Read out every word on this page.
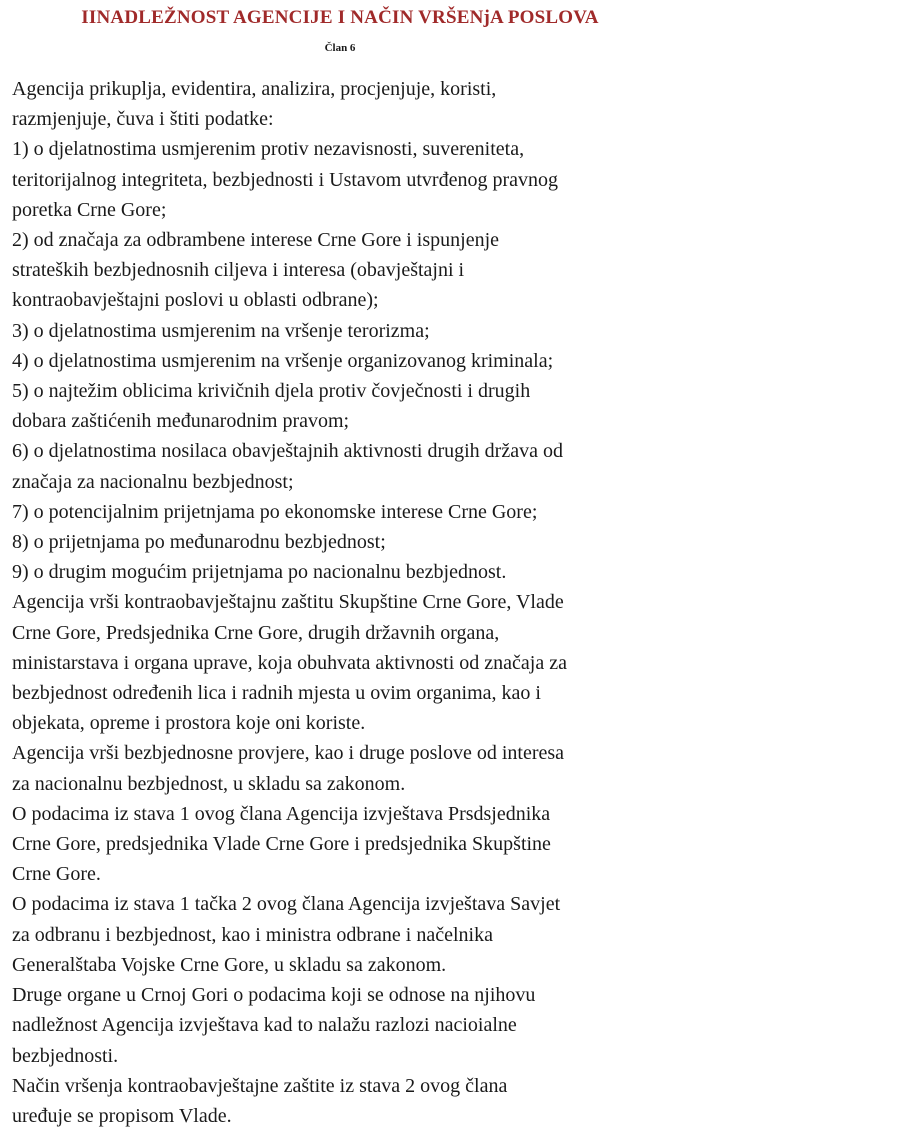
IINADLEŽNOST AGENCIJE I NAČIN VRŠENjA POSLOVA
Član 6
Agencija prikuplja, evidentira, analizira, procjenjuje, koristi,
razmjenjuje, čuva i štiti podatke:
1) o djelatnostima usmjerenim protiv nezavisnosti, suvereniteta,
teritorijalnog integriteta, bezbjednosti i Ustavom utvrđenog pravnog
poretka Crne Gore;
2) od značaja za odbrambene interese Crne Gore i ispunjenje
strateških bezbjednosnih ciljeva i interesa (obavještajni i
kontraobavještajni poslovi u oblasti odbrane);
3) o djelatnostima usmjerenim na vršenje terorizma;
4) o djelatnostima usmjerenim na vršenje organizovanog kriminala;
5) o najtežim oblicima krivičnih djela protiv čovječnosti i drugih
dobara zaštićenih međunarodnim pravom;
6) o djelatnostima nosilaca obavještajnih aktivnosti drugih država od
značaja za nacionalnu bezbjednost;
7) o potencijalnim prijetnjama po ekonomske interese Crne Gore;
8) o prijetnjama po međunarodnu bezbjednost;
9) o drugim mogućim prijetnjama po nacionalnu bezbjednost.
Agencija vrši kontraobavještajnu zaštitu Skupštine Crne Gore, Vlade
Crne Gore, Predsjednika Crne Gore, drugih državnih organa,
ministarstava i organa uprave, koja obuhvata aktivnosti od značaja za
bezbjednost određenih lica i radnih mjesta u ovim organima, kao i
objekata, opreme i prostora koje oni koriste.
Agencija vrši bezbjednosne provjere, kao i druge poslove od interesa
za nacionalnu bezbjednost, u skladu sa zakonom.
O podacima iz stava 1 ovog člana Agencija izvještava Prsdsjednika
Crne Gore, predsjednika Vlade Crne Gore i predsjednika Skupštine
Crne Gore.
O podacima iz stava 1 tačka 2 ovog člana Agencija izvještava Savjet
za odbranu i bezbjednost, kao i ministra odbrane i načelnika
Generalštaba Vojske Crne Gore, u skladu sa zakonom.
Druge organe u Crnoj Gori o podacima koji se odnose na njihovu
nadležnost Agencija izvještava kad to nalažu razlozi nacioialne
bezbjednosti.
Način vršenja kontraobavještajne zaštite iz stava 2 ovog člana
uređuje se propisom Vlade.
